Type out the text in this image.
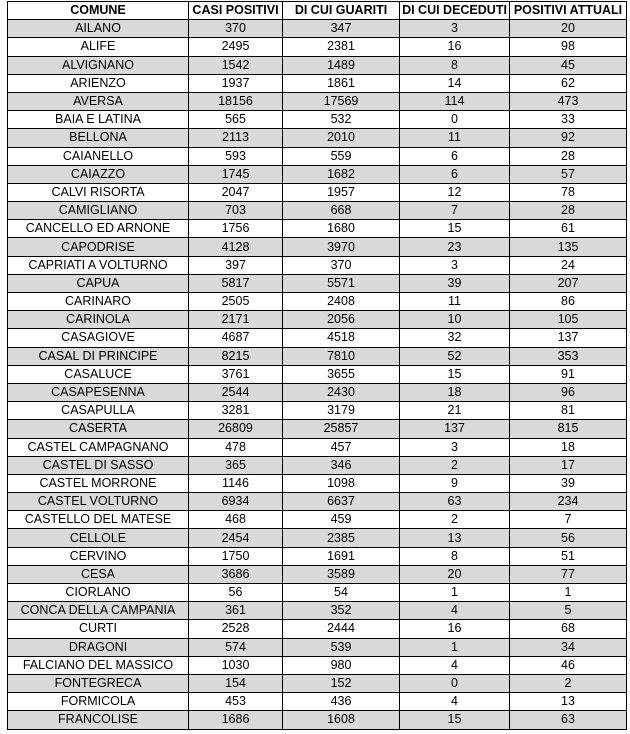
COMUNE	CASI POSITIVI	DI CUI GUARITI	DI CUI DECEDUTI	POSITIVI ATTUALI
AILANO	370	347	3	20
ALIFE	2495	2381	16	98
ALVIGNANO	1542	1489	8	45
ARIENZO	1937	1861	14	62
AVERSA	18156	17569	114	473
BAIA E LATINA	565	532	0	33
BELLONA	2113	2010	11	92
CAIANELLO	593	559	6	28
CAIAZZO	1745	1682	6	57
CALVI RISORTA	2047	1957	12	78
CAMIGLIANO	703	668	7	28
CANCELLO ED ARNONE	1756	1680	15	61
CAPODRISE	4128	3970	23	135
CAPRIATI A VOLTURNO	397	370	3	24
CAPUA	5817	5571	39	207
CARINARO	2505	2408	11	86
CARINOLA	2171	2056	10	105
CASAGIOVE	4687	4518	32	137
CASAL DI PRINCIPE	8215	7810	52	353
CASALUCE	3761	3655	15	91
CASAPESENNA	2544	2430	18	96
CASAPULLA	3281	3179	21	81
CASERTA	26809	25857	137	815
CASTEL CAMPAGNANO	478	457	3	18
CASTEL DI SASSO	365	346	2	17
CASTEL MORRONE	1146	1098	9	39
CASTEL VOLTURNO	6934	6637	63	234
CASTELLO DEL MATESE	468	459	2	7
CELLOLE	2454	2385	13	56
CERVINO	1750	1691	8	51
CESA	3686	3589	20	77
CIORLANO	56	54	1	1
CONCA DELLA CAMPANIA	361	352	4	5
CURTI	2528	2444	16	68
DRAGONI	574	539	1	34
FALCIANO DEL MASSICO	1030	980	4	46
FONTEGRECA	154	152	0	2
FORMICOLA	453	436	4	13
FRANCOLISE	1686	1608	15	63
